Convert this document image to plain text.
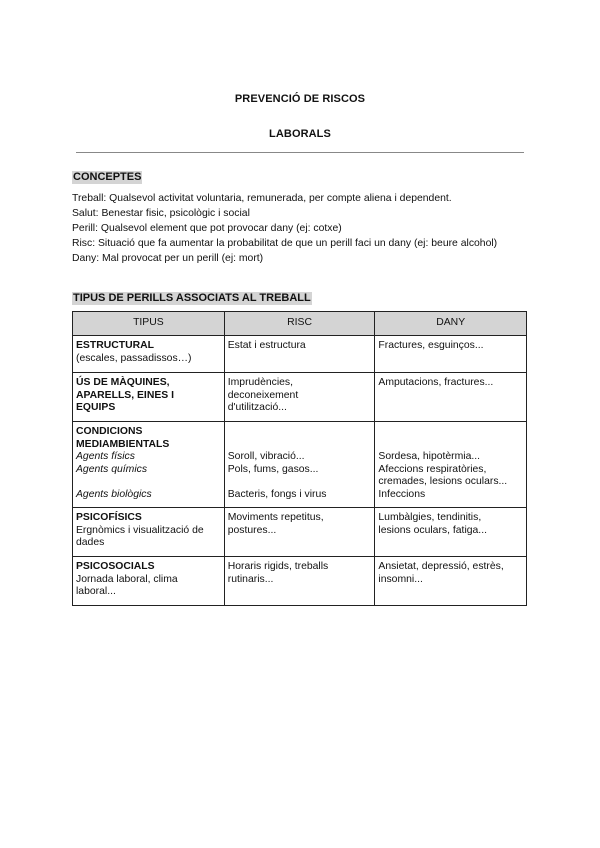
PREVENCIÓ DE RISCOS
LABORALS
CONCEPTES
Treball: Qualsevol activitat voluntaria, remunerada, per compte aliena i dependent.
Salut: Benestar fisic, psicològic i social
Perill: Qualsevol element que pot provocar dany (ej: cotxe)
Risc: Situació que fa aumentar la probabilitat de que un perill faci un dany (ej: beure alcohol)
Dany: Mal provocat per un perill (ej: mort)
TIPUS DE PERILLS ASSOCIATS AL TREBALL
TIPUS	RISC	DANY

ESTRUCTURAL
(escales, passadissos…)	Estat i estructura	Fractures, esguinços...

ÚS DE MÀQUINES,
APARELLS, EINES I
EQUIPS	Imprudències,
deconeixement
d'utilització...	Amputacions, fractures...

CONDICIONS
MEDIAMBIENTALS
Agents físics
Agents químics
Agents biològics	Soroll, vibració...
Pols, fums, gasos...
Bacteris, fongs i virus	Sordesa, hipotèrmia...
Afeccions respiratòries,
cremades, lesions oculars...
Infeccions

PSICOFÍSICS
Ergnòmics i visualització de
dades	Moviments repetitus,
postures...	Lumbàlgies, tendinitis,
lesions oculars, fatiga...

PSICOSOCIALS
Jornada laboral, clima
laboral...	Horaris rigids, treballs
rutinaris...	Ansietat, depressió, estrès,
insomni...
